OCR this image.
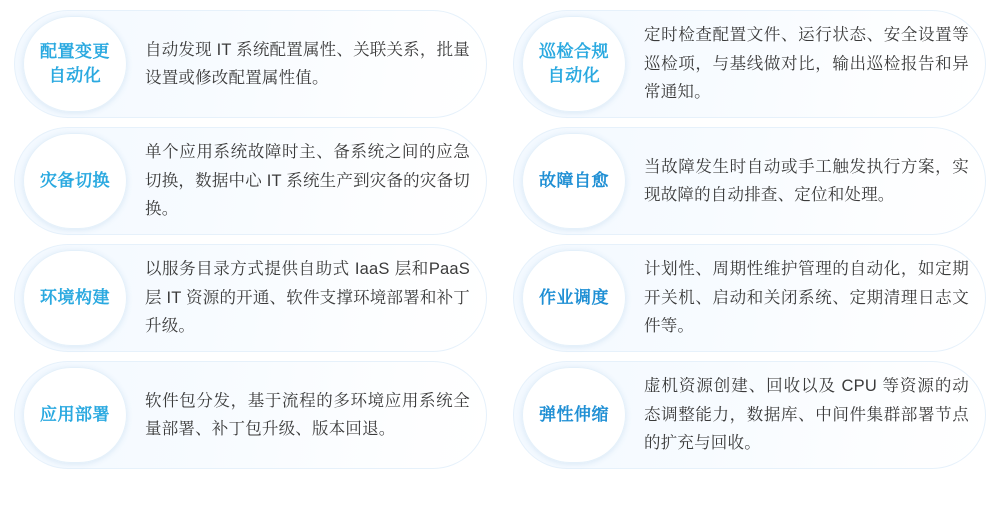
配置变更
自动化
自动发现 IT 系统配置属性、关联关系，批量设置或修改配置属性值。
灾备切换
单个应用系统故障时主、备系统之间的应急切换，数据中心 IT 系统生产到灾备的灾备切换。
环境构建
以服务目录方式提供自助式 IaaS 层和PaaS 层 IT 资源的开通、软件支撑环境部署和补丁升级。
应用部署
软件包分发，基于流程的多环境应用系统全量部署、补丁包升级、版本回退。
巡检合规
自动化
定时检查配置文件、运行状态、安全设置等巡检项，与基线做对比，输出巡检报告和异常通知。
故障自愈
当故障发生时自动或手工触发执行方案，实现故障的自动排查、定位和处理。
作业调度
计划性、周期性维护管理的自动化，如定期开关机、启动和关闭系统、定期清理日志文件等。
弹性伸缩
虚机资源创建、回收以及 CPU 等资源的动态调整能力，数据库、中间件集群部署节点的扩充与回收。
